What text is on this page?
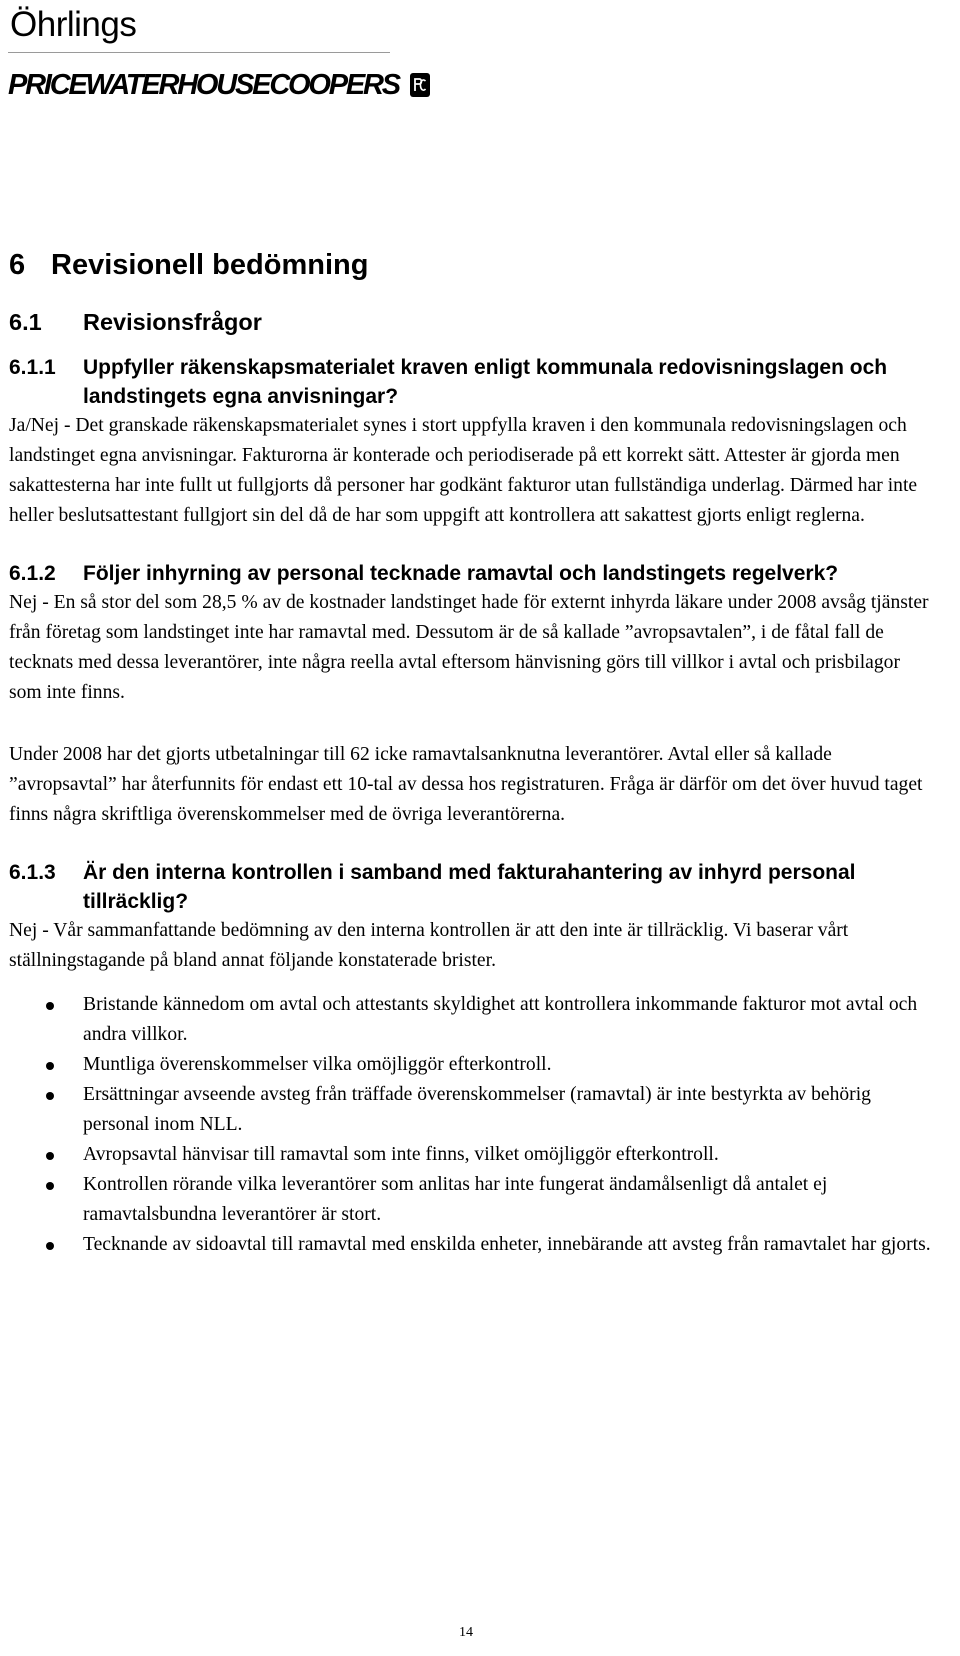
Öhrlings
PRICEWATERHOUSECOOPERS
6 Revisionell bedömning
6.1	Revisionsfrågor
6.1.1	Uppfyller räkenskapsmaterialet kraven enligt kommunala redovisningslagen och landstingets egna anvisningar?

Ja/Nej - Det granskade räkenskapsmaterialet synes i stort uppfylla kraven i den kommunala redovisningslagen och landstinget egna anvisningar. Fakturorna är konterade och periodiserade på ett korrekt sätt. Attester är gjorda men sakattesterna har inte fullt ut fullgjorts då personer har godkänt fakturor utan fullständiga underlag. Därmed har inte heller beslutsattestant fullgjort sin del då de har som uppgift att kontrollera att sakattest gjorts enligt reglerna.

6.1.2	Följer inhyrning av personal tecknade ramavtal och landstingets regelverk?

Nej - En så stor del som 28,5 % av de kostnader landstinget hade för externt inhyrda läkare under 2008 avsåg tjänster från företag som landstinget inte har ramavtal med. Dessutom är de så kallade ”avropsavtalen”, i de fåtal fall de tecknats med dessa leverantörer, inte några reella avtal eftersom hänvisning görs till villkor i avtal och prisbilagor som inte finns.

Under 2008 har det gjorts utbetalningar till 62 icke ramavtalsanknutna leverantörer. Avtal eller så kallade ”avropsavtal” har återfunnits för endast ett 10-tal av dessa hos registraturen. Fråga är därför om det över huvud taget finns några skriftliga överenskommelser med de övriga leverantörerna.

6.1.3	Är den interna kontrollen i samband med fakturahantering av inhyrd personal tillräcklig?

Nej - Vår sammanfattande bedömning av den interna kontrollen är att den inte är tillräcklig. Vi baserar vårt ställningstagande på bland annat följande konstaterade brister.

Bristande kännedom om avtal och attestants skyldighet att kontrollera inkommande fakturor mot avtal och andra villkor.
Muntliga överenskommelser vilka omöjliggör efterkontroll.
Ersättningar avseende avsteg från träffade överenskommelser (ramavtal) är inte bestyrkta av behörig personal inom NLL.
Avropsavtal hänvisar till ramavtal som inte finns, vilket omöjliggör efterkontroll.
Kontrollen rörande vilka leverantörer som anlitas har inte fungerat ändamålsenligt då antalet ej ramavtalsbundna leverantörer är stort.
Tecknande av sidoavtal till ramavtal med enskilda enheter, innebärande att avsteg från ramavtalet har gjorts.
14
